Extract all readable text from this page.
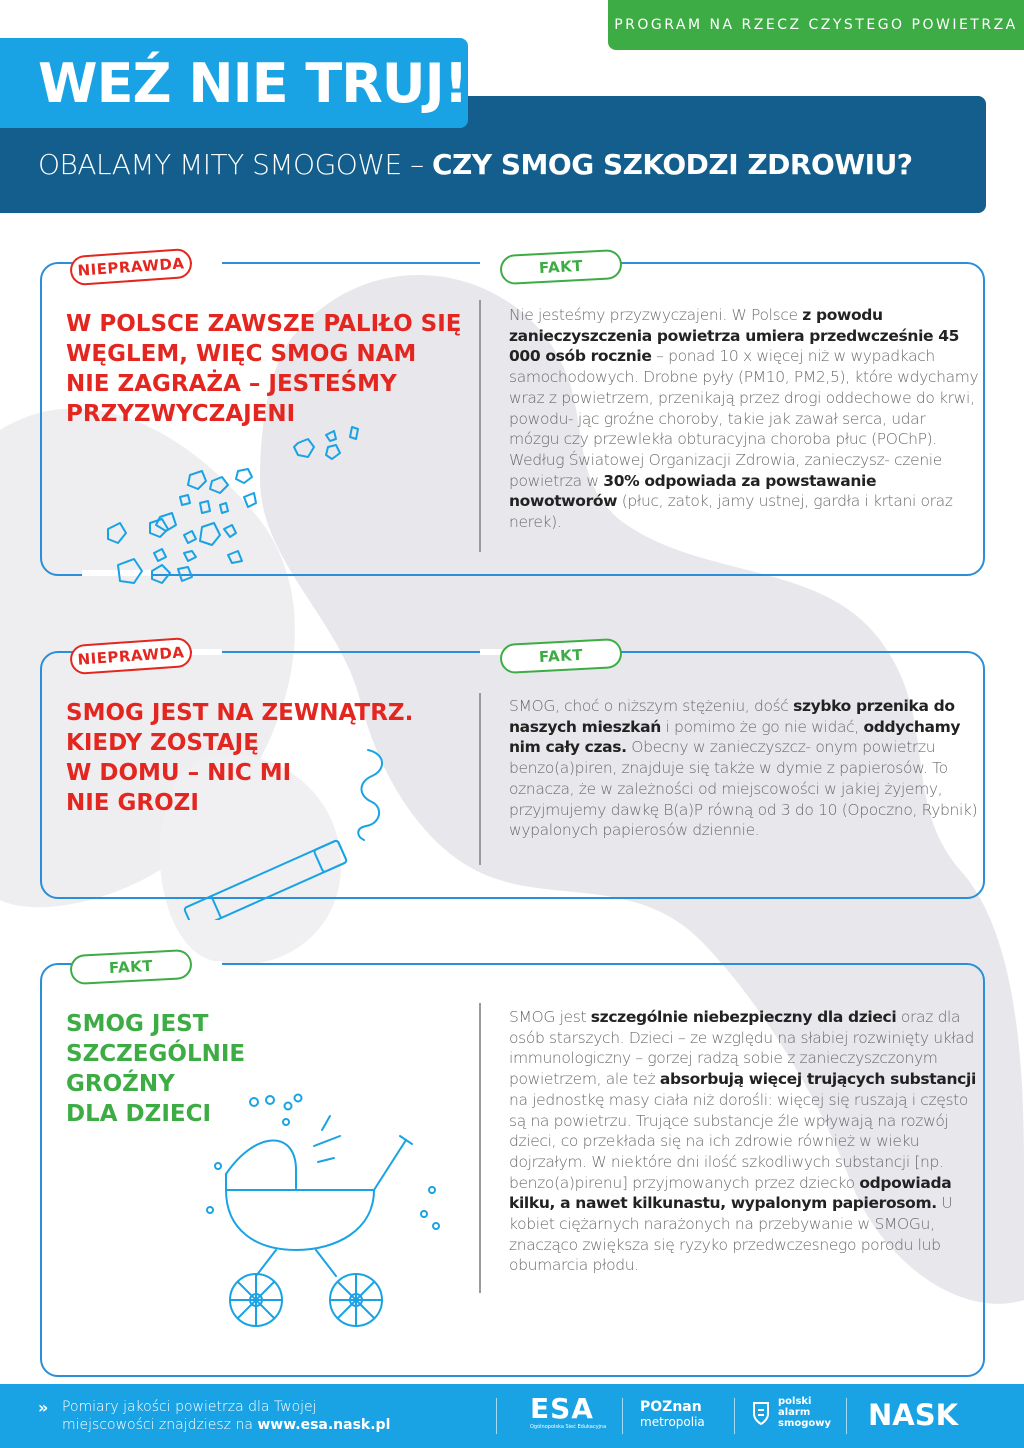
PROGRAM NA RZECZ CZYSTEGO POWIETRZA
WEŹ NIE TRUJ!
OBALAMY MITY SMOGOWE – CZY SMOG SZKODZI ZDROWIU?
NIEPRAWDA	FAKT
W POLSCE ZAWSZE PALIŁO SIĘ
WĘGLEM, WIĘC SMOG NAM
NIE ZAGRAŻA – JESTEŚMY
PRZYZWYCZAJENI
Nie jesteśmy przyzwyczajeni. W Polsce z powodu zanieczyszczenia powietrza umiera przedwcześnie 45 000 osób rocznie – ponad 10 x więcej niż w wypadkach samochodowych. Drobne pyły (PM10, PM2,5), które wdychamy wraz z powietrzem, przenikają przez drogi oddechowe do krwi, powodu- jąc groźne choroby, takie jak zawał serca, udar mózgu czy przewlekła obturacyjna choroba płuc (POChP). Według Światowej Organizacji Zdrowia, zanieczysz- czenie powietrza w 30% odpowiada za powstawanie nowotworów (płuc, zatok, jamy ustnej, gardła i krtani oraz nerek).
NIEPRAWDA	FAKT
SMOG JEST NA ZEWNĄTRZ.
KIEDY ZOSTAJĘ
W DOMU – NIC MI
NIE GROZI
SMOG, choć o niższym stężeniu, dość szybko przenika do naszych mieszkań i pomimo że go nie widać, oddychamy nim cały czas. Obecny w zanieczyszcz- onym powietrzu benzo(a)piren, znajduje się także w dymie z papierosów. To oznacza, że w zależności od miejscowości w jakiej żyjemy, przyjmujemy dawkę B(a)P równą od 3 do 10 (Opoczno, Rybnik) wypalonych papierosów dziennie.
FAKT
SMOG JEST
SZCZEGÓLNIE
GROŹNY
DLA DZIECI
SMOG jest szczególnie niebezpieczny dla dzieci oraz dla osób starszych. Dzieci – ze względu na słabiej rozwinięty układ immunologiczny – gorzej radzą sobie z zanieczyszczonym powietrzem, ale też absorbują więcej trujących substancji na jednostkę masy ciała niż dorośli: więcej się ruszają i często są na powietrzu. Trujące substancje źle wpływają na rozwój dzieci, co przekłada się na ich zdrowie również w wieku dojrzałym. W niektóre dni ilość szkodliwych substancji [np. benzo(a)pirenu] przyjmowanych przez dziecko odpowiada kilku, a nawet kilkunastu, wypalonym papierosom. U kobiet ciężarnych narażonych na przebywanie w SMOGu, znacząco zwiększa się ryzyko przedwczesnego porodu lub obumarcia płodu.
» Pomiary jakości powietrza dla Twojej
miejscowości znajdziesz na www.esa.nask.pl	ESA
Ogólnopolska Sieć Edukacyjna
POZnan
metropolia
polski
alarm
smogowy NASK
